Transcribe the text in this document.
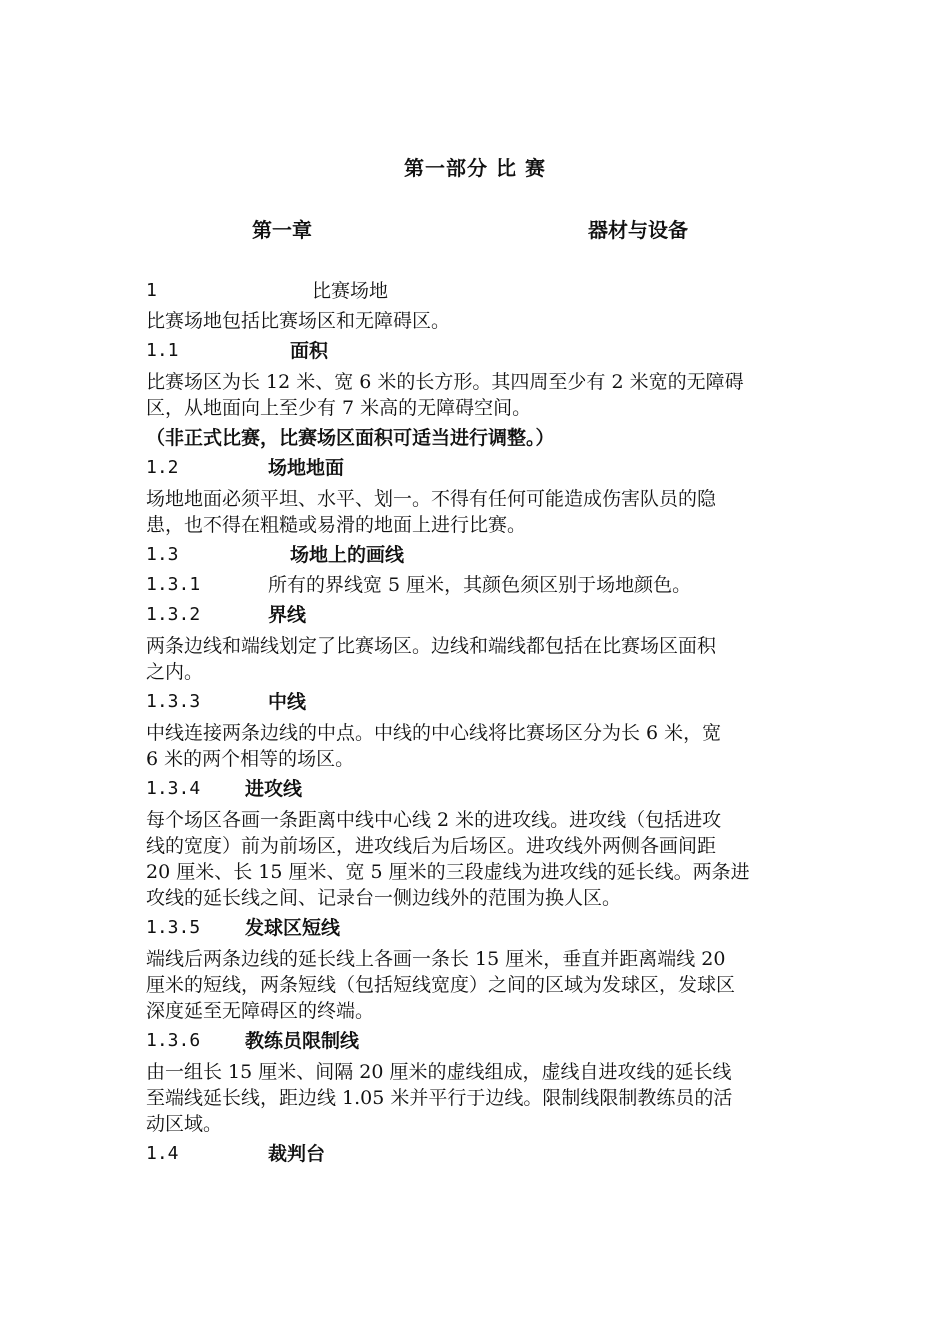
第一部分 比 赛
第一章	器材与设备
1	比赛场地
比赛场地包括比赛场区和无障碍区。
1.1	面积
比赛场区为长 12 米、宽 6 米的长方形。其四周至少有 2 米宽的无障碍
区，从地面向上至少有 7 米高的无障碍空间。
（非正式比赛，比赛场区面积可适当进行调整。）
1.2	场地地面
场地地面必须平坦、水平、划一。不得有任何可能造成伤害队员的隐
患，也不得在粗糙或易滑的地面上进行比赛。
1.3	场地上的画线
1.3.1	所有的界线宽 5 厘米，其颜色须区别于场地颜色。
1.3.2	界线
两条边线和端线划定了比赛场区。边线和端线都包括在比赛场区面积
之内。
1.3.3	中线
中线连接两条边线的中点。中线的中心线将比赛场区分为长 6 米，宽
6 米的两个相等的场区。
1.3.4 进攻线
每个场区各画一条距离中线中心线 2 米的进攻线。进攻线（包括进攻
线的宽度）前为前场区，进攻线后为后场区。进攻线外两侧各画间距
20 厘米、长 15 厘米、宽 5 厘米的三段虚线为进攻线的延长线。两条进
攻线的延长线之间、记录台一侧边线外的范围为换人区。
1.3.5 发球区短线
端线后两条边线的延长线上各画一条长 15 厘米，垂直并距离端线 20
厘米的短线，两条短线（包括短线宽度）之间的区域为发球区，发球区
深度延至无障碍区的终端。
1.3.6 教练员限制线
由一组长 15 厘米、间隔 20 厘米的虚线组成，虚线自进攻线的延长线
至端线延长线，距边线 1.05 米并平行于边线。限制线限制教练员的活
动区域。
1.4	裁判台
